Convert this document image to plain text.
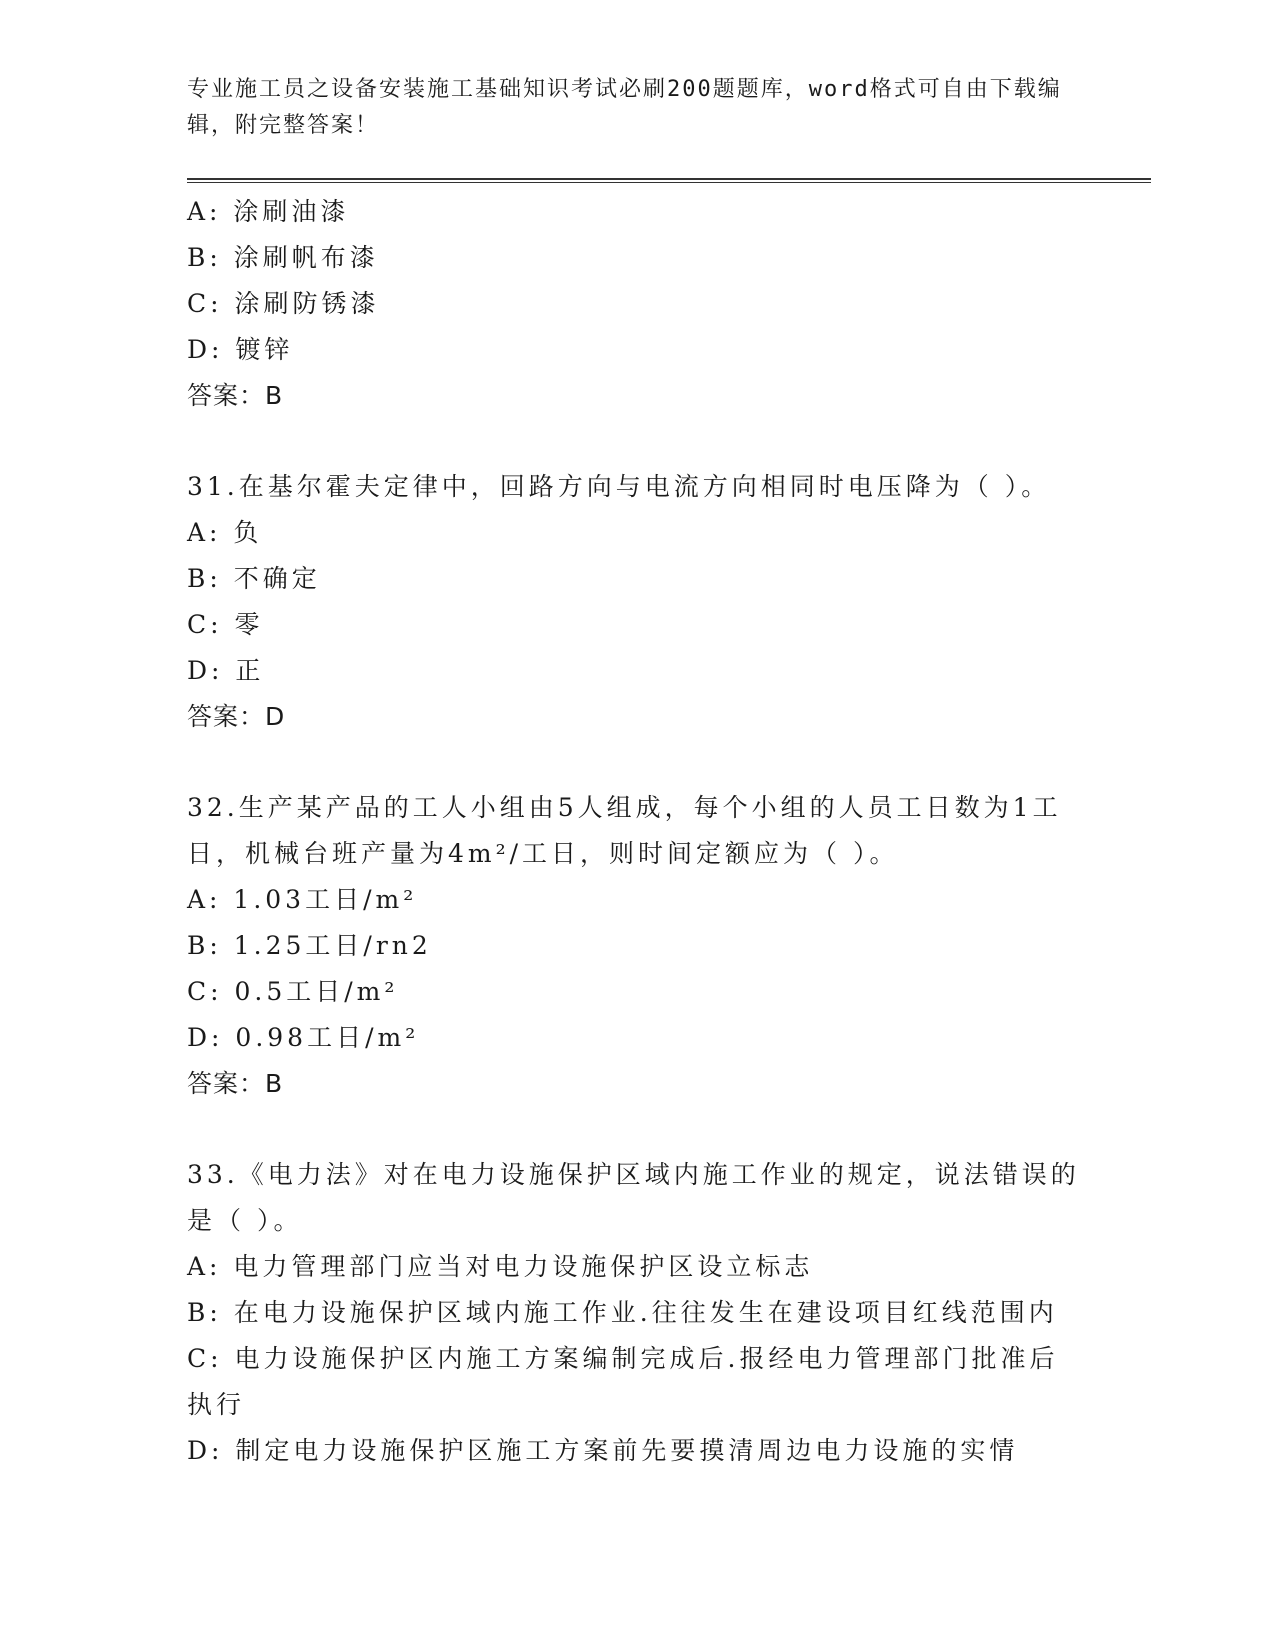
专业施工员之设备安装施工基础知识考试必刷200题题库，word格式可自由下载编辑，附完整答案！
A: 涂刷油漆
B: 涂刷帆布漆
C: 涂刷防锈漆
D: 镀锌
答案：B
31.在基尔霍夫定律中，回路方向与电流方向相同时电压降为（ ）。
A: 负
B: 不确定
C: 零
D: 正
答案：D
32.生产某产品的工人小组由5人组成，每个小组的人员工日数为1工日，机械台班产量为4m²/工日，则时间定额应为（ ）。
A: 1.03工日/m²
B: 1.25工日/rn2
C: 0.5工日/m²
D: 0.98工日/m²
答案：B
33.《电力法》对在电力设施保护区域内施工作业的规定，说法错误的是（ ）。
A: 电力管理部门应当对电力设施保护区设立标志
B: 在电力设施保护区域内施工作业.往往发生在建设项目红线范围内
C: 电力设施保护区内施工方案编制完成后.报经电力管理部门批准后执行
D: 制定电力设施保护区施工方案前先要摸清周边电力设施的实情
